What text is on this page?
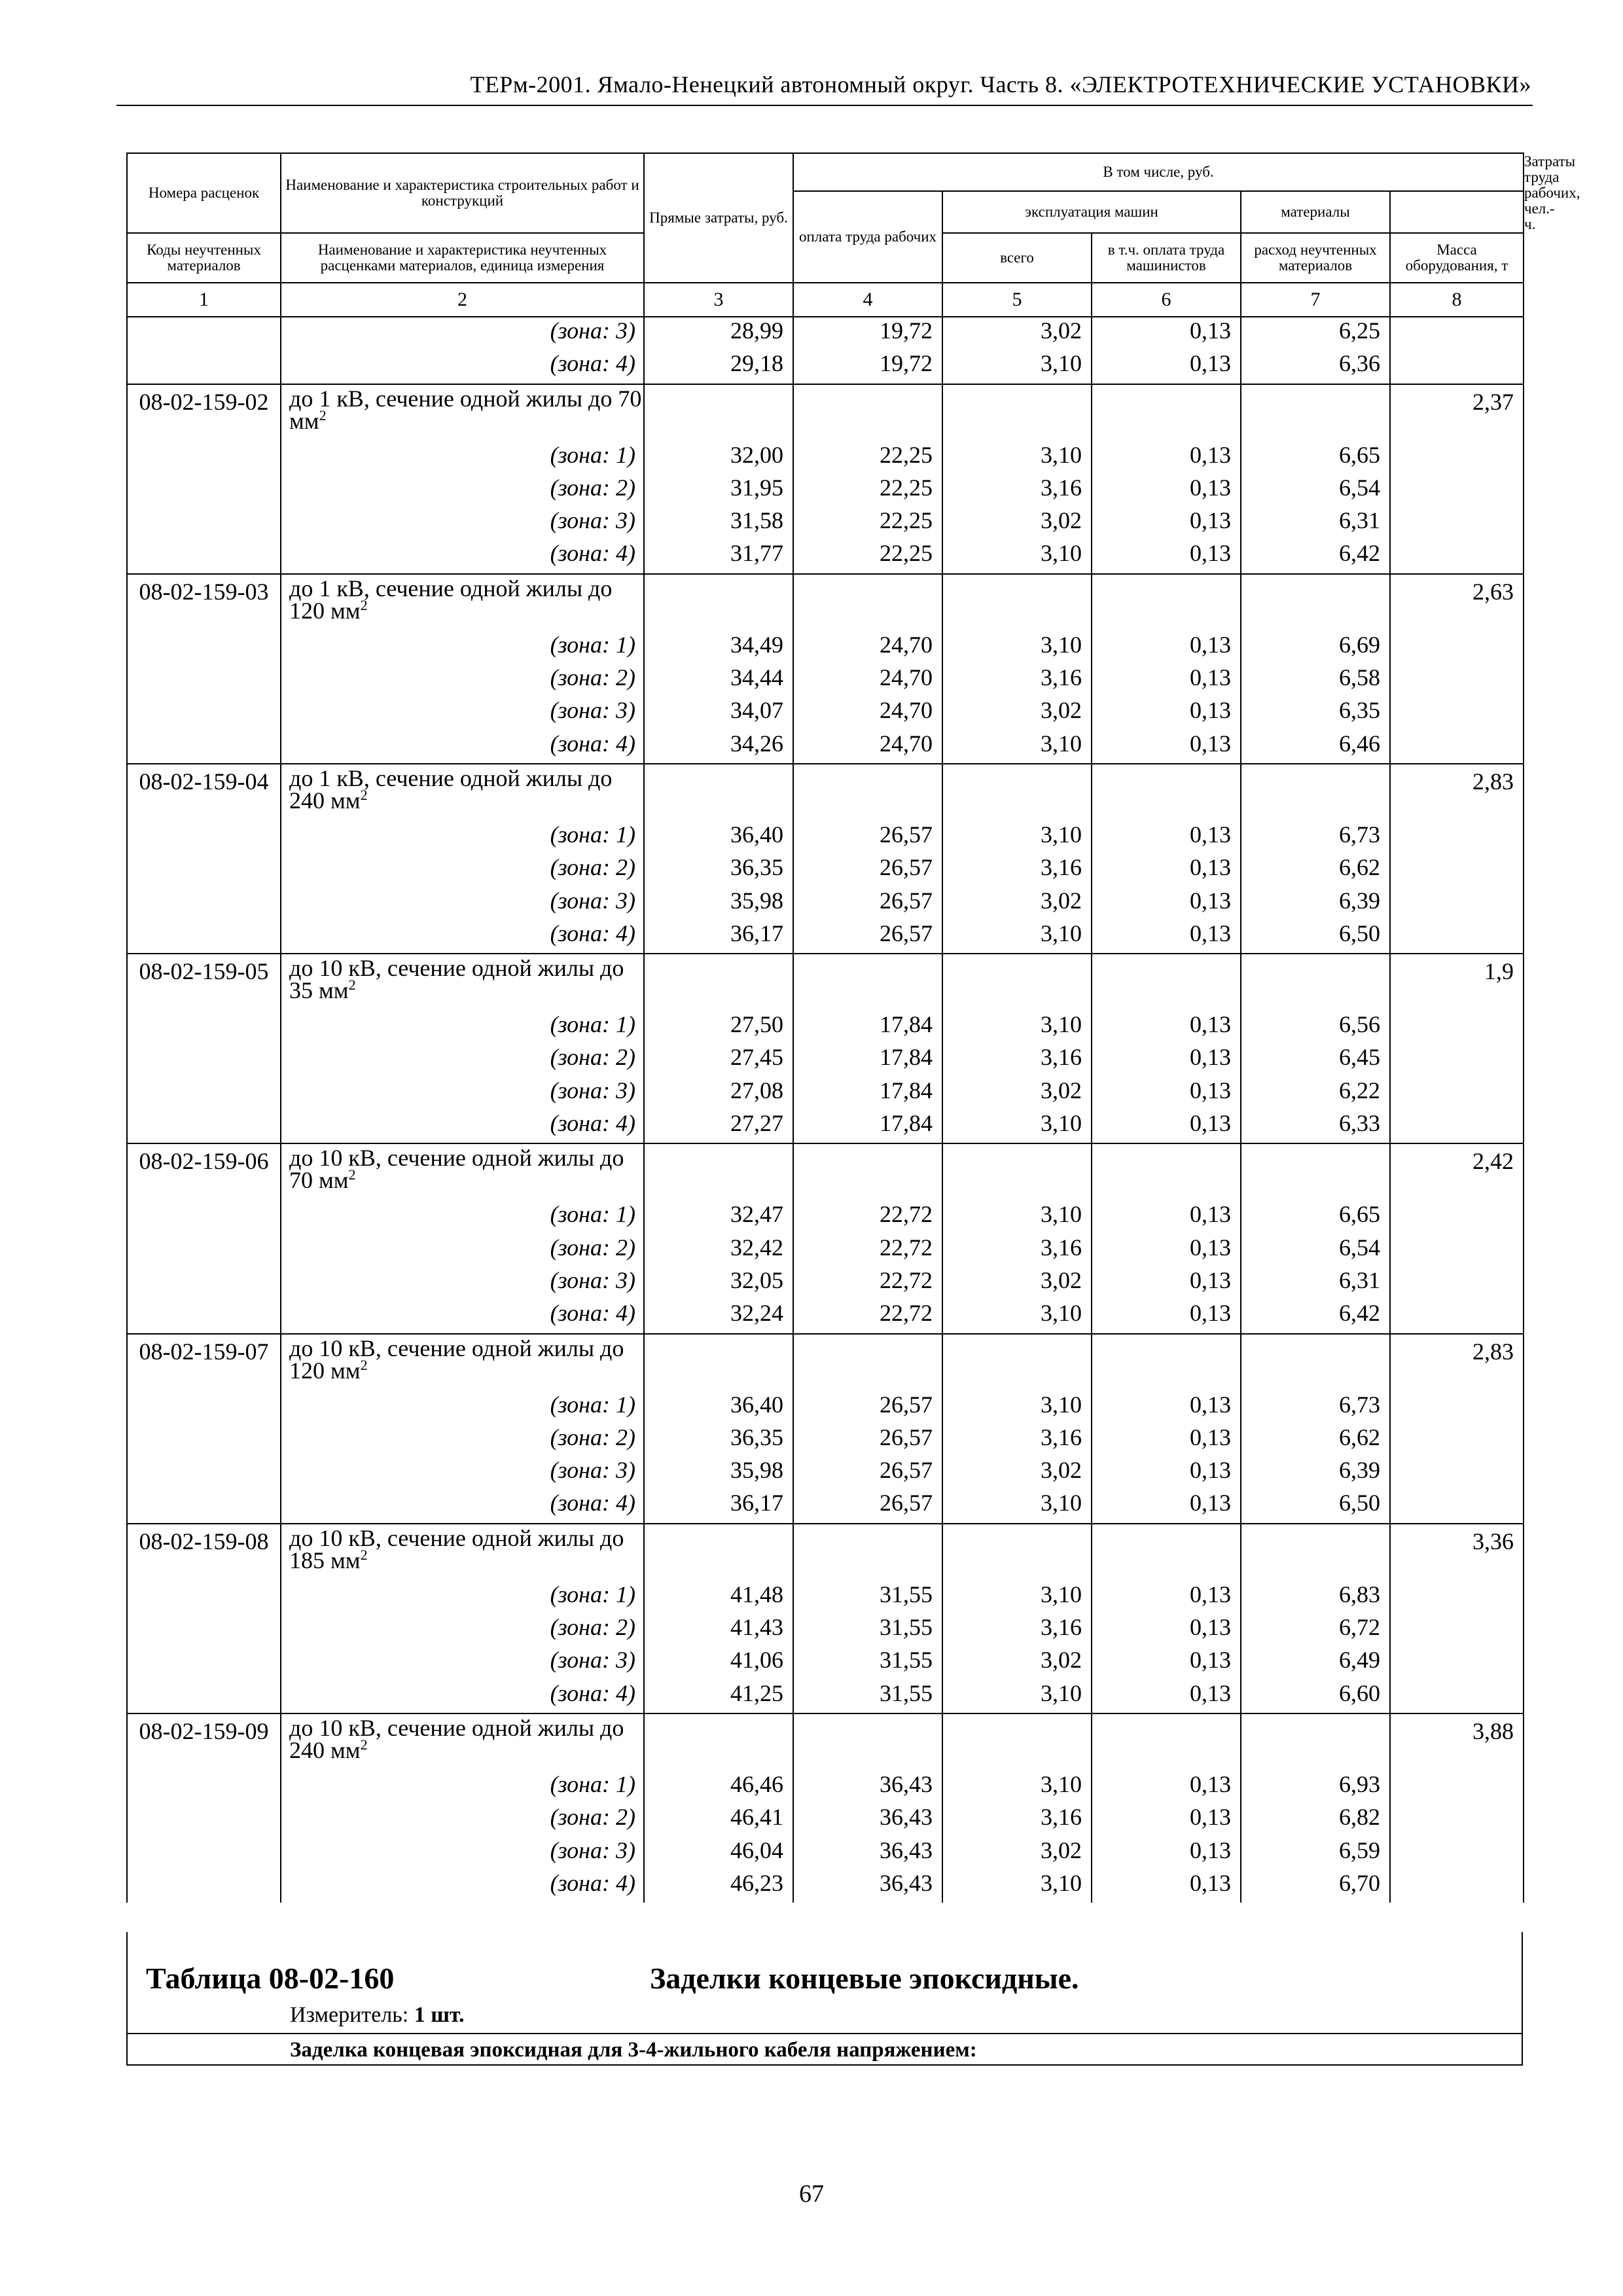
ТЕРм-2001. Ямало-Ненецкий автономный округ. Часть 8. «ЭЛЕКТРОТЕХНИЧЕСКИЕ УСТАНОВКИ»
Номера расценок	Наименование и характеристика строительных работ и конструкций	Прямые затраты, руб.	В том числе, руб.					Затраты труда рабочих, чел.-ч.
			оплата труда рабочих	эксплуатация машин		материалы		
Коды неучтенных материалов	Наименование и характеристика неучтенных расценками материалов, единица измерения			всего	в т.ч. оплата труда машинистов	расход неучтенных материалов	Масса оборудования, т	
1	2	3	4	5	6	7	8	
	(зона: 3)	28,99	19,72	3,02	0,13	6,25		
	(зона: 4)	29,18	19,72	3,10	0,13	6,36		
08-02-159-02	до 1 кВ, сечение одной жилы до 70 $мм^2$						2,37	
	(зона: 1)	32,00	22,25	3,10	0,13	6,65		
	(зона: 2)	31,95	22,25	3,16	0,13	6,54		
	(зона: 3)	31,58	22,25	3,02	0,13	6,31		
	(зона: 4)	31,77	22,25	3,10	0,13	6,42		
08-02-159-03	до 1 кВ, сечение одной жилы до 120 $мм^2$						2,63	
	(зона: 1)	34,49	24,70	3,10	0,13	6,69		
	(зона: 2)	34,44	24,70	3,16	0,13	6,58		
	(зона: 3)	34,07	24,70	3,02	0,13	6,35		
	(зона: 4)	34,26	24,70	3,10	0,13	6,46		
08-02-159-04	до 1 кВ, сечение одной жилы до 240 $мм^2$						2,83	
	(зона: 1)	36,40	26,57	3,10	0,13	6,73		
	(зона: 2)	36,35	26,57	3,16	0,13	6,62		
	(зона: 3)	35,98	26,57	3,02	0,13	6,39		
	(зона: 4)	36,17	26,57	3,10	0,13	6,50		
08-02-159-05	до 10 кВ, сечение одной жилы до 35 $мм^2$						1,9	
	(зона: 1)	27,50	17,84	3,10	0,13	6,56		
	(зона: 2)	27,45	17,84	3,16	0,13	6,45		
	(зона: 3)	27,08	17,84	3,02	0,13	6,22		
	(зона: 4)	27,27	17,84	3,10	0,13	6,33		
08-02-159-06	до 10 кВ, сечение одной жилы до 70 $мм^2$						2,42	
	(зона: 1)	32,47	22,72	3,10	0,13	6,65		
	(зона: 2)	32,42	22,72	3,16	0,13	6,54		
	(зона: 3)	32,05	22,72	3,02	0,13	6,31		
	(зона: 4)	32,24	22,72	3,10	0,13	6,42		
08-02-159-07	до 10 кВ, сечение одной жилы до 120 $мм^2$						2,83	
	(зона: 1)	36,40	26,57	3,10	0,13	6,73		
	(зона: 2)	36,35	26,57	3,16	0,13	6,62		
	(зона: 3)	35,98	26,57	3,02	0,13	6,39		
	(зона: 4)	36,17	26,57	3,10	0,13	6,50		
08-02-159-08	до 10 кВ, сечение одной жилы до 185 $мм^2$						3,36	
	(зона: 1)	41,48	31,55	3,10	0,13	6,83		
	(зона: 2)	41,43	31,55	3,16	0,13	6,72		
	(зона: 3)	41,06	31,55	3,02	0,13	6,49		
	(зона: 4)	41,25	31,55	3,10	0,13	6,60		
08-02-159-09	до 10 кВ, сечение одной жилы до 240 $мм^2$						3,88	
	(зона: 1)	46,46	36,43	3,10	0,13	6,93		
	(зона: 2)	46,41	36,43	3,16	0,13	6,82		
	(зона: 3)	46,04	36,43	3,02	0,13	6,59		
	(зона: 4)	46,23	36,43	3,10	0,13	6,70		
Таблица 08-02-160	Заделки концевые эпоксидные.
Измеритель: 1 шт.
Заделка концевая эпоксидная для 3-4-жильного кабеля напряжением:
67
